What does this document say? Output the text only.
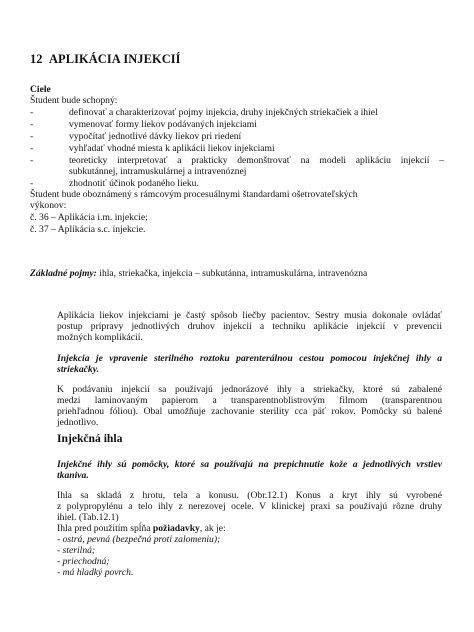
12 APLIKÁCIA INJEKCIÍ
Ciele
Študent bude schopný:
-	definovať a charakterizovať pojmy injekcia, druhy injekčných striekačiek a ihiel
-	vymenovať formy liekov podávaných injekciami
-	vypočítať jednotlivé dávky liekov pri riedení
-	vyhľadať vhodné miesta k aplikácii liekov injekciami
-	teoreticky interpretovať a prakticky demonštrovať na modeli aplikáciu injekcií –
subkutánnej, intramuskulárnej a intravenóznej
-	zhodnotiť účinok podaného lieku.
Študent bude oboznámený s rámcovým procesuálnymi štandardami ošetrovateľských
výkonov:
č. 36 – Aplikácia i.m. injekcie;
č. 37 – Aplikácia s.c. injekcie.
Základné pojmy: ihla, striekačka, injekcia – subkutánna, intramuskulárna, intravenózna
Aplikácia liekov injekciami je častý spôsob liečby pacientov. Sestry musia dokonale ovládať
postup prípravy jednotlivých druhov injekcií a techniku aplikácie injekcií v prevencii
možných komplikácií.
Injekcia je vpravenie sterilného roztoku parenterálnou cestou pomocou injekčnej ihly a
striekačky.
K podávaniu injekcií sa používajú jednorázové ihly a striekačky, ktoré sú zabalené
medzi laminovaným papierom a transparentnoblistrovým filmom (transparentnou
priehľadnou fóliou). Obal umožňuje zachovanie sterility cca päť rokov. Pomôcky sú balené
jednotlivo.
Injekčná ihla
Injekčné ihly sú pomôcky, ktoré sa používajú na prepichnutie kože a jednotlivých vrstiev
tkaniva.
Ihla sa skladá z hrotu, tela a konusu. (Obr.12.1) Konus a kryt ihly sú vyrobené
z polypropylénu a telo ihly z nerezovej ocele. V klinickej praxi sa používajú rôzne druhy
ihiel. (Tab.12.1)
Ihla pred použitím spĺňa požiadavky, ak je:
- ostrá, pevná (bezpečná proti zalomeniu);
- sterilná;
- priechodná;
- má hladký povrch.
